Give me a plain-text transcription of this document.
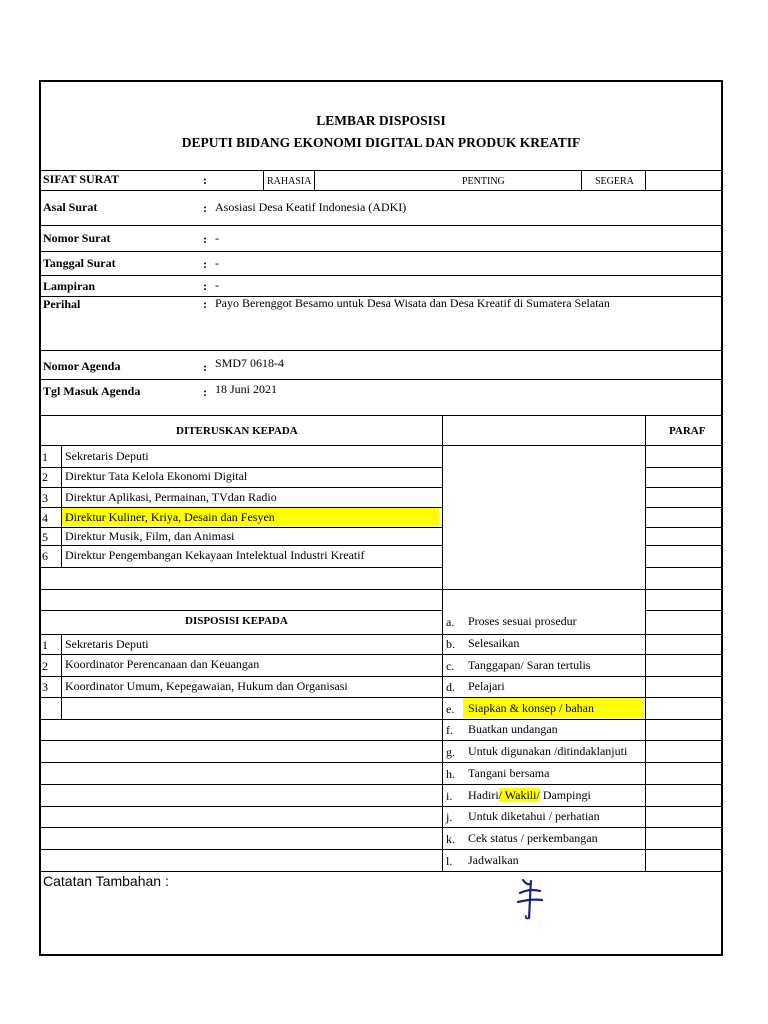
LEMBAR DISPOSISI
DEPUTI BIDANG EKONOMI DIGITAL DAN PRODUK KREATIF
SIFAT SURAT	:	RAHASIA	PENTING	SEGERA
Asal Surat	: Asosiasi Desa Keatif Indonesia (ADKI)
Nomor Surat	: -
Tanggal Surat	: -
Lampiran	: -
Perihal	: Payo Berenggot Besamo untuk Desa Wisata dan Desa Kreatif di Sumatera Selatan
Nomor Agenda	: SMD7 0618-4
Tgl Masuk Agenda	: 18 Juni 2021
DITERUSKAN KEPADA	PARAF
1 Sekretaris Deputi
2 Direktur Tata Kelola Ekonomi Digital
3 Direktur Aplikasi, Permainan, TVdan Radio
4 Direktur Kuliner, Kriya, Desain dan Fesyen
5 Direktur Musik, Film, dan Animasi
6 Direktur Pengembangan Kekayaan Intelektual Industri Kreatif
DISPOSISI KEPADA
1 Sekretaris Deputi
2 Koordinator Perencanaan dan Keuangan
3 Koordinator Umum, Kepegawaian, Hukum dan Organisasi
a. Proses sesuai prosedur
b. Selesaikan
c. Tanggapan/ Saran tertulis
d. Pelajari
e. Siapkan & konsep / bahan
f. Buatkan undangan
g. Untuk digunakan /ditindaklanjuti
h. Tangani bersama
i. Hadiri/ Wakili/ Dampingi
j. Untuk diketahui / perhatian
k. Cek status / perkembangan
l. Jadwalkan
Catatan Tambahan :
